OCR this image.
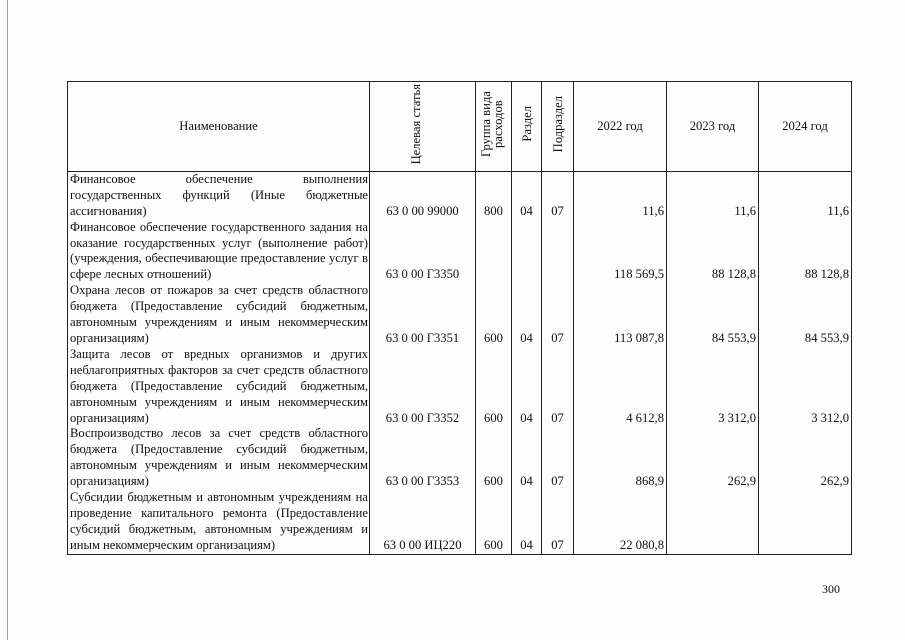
Наименование	Целевая статья	Группа вида расходов	Раздел	Подраздел	2022 год	2023 год	2024 год
Финансовое обеспечение выполнения государственных функций (Иные бюджетные ассигнования)	63 0 00 99000	800	04	07	11,6	11,6	11,6
Финансовое обеспечение государственного задания на оказание государственных услуг (выполнение работ) (учреждения, обеспечивающие предоставление услуг в сфере лесных отношений)	63 0 00 Г3350				118 569,5	88 128,8	88 128,8
Охрана лесов от пожаров за счет средств областного бюджета (Предоставление субсидий бюджетным, автономным учреждениям и иным некоммерческим организациям)	63 0 00 Г3351	600	04	07	113 087,8	84 553,9	84 553,9
Защита лесов от вредных организмов и других неблагоприятных факторов за счет средств областного бюджета (Предоставление субсидий бюджетным, автономным учреждениям и иным некоммерческим организациям)	63 0 00 Г3352	600	04	07	4 612,8	3 312,0	3 312,0
Воспроизводство лесов за счет средств областного бюджета (Предоставление субсидий бюджетным, автономным учреждениям и иным некоммерческим организациям)	63 0 00 Г3353	600	04	07	868,9	262,9	262,9
Субсидии бюджетным и автономным учреждениям на проведение капитального ремонта (Предоставление субсидий бюджетным, автономным учреждениям и иным некоммерческим организациям)	63 0 00 ИЦ220	600	04	07	22 080,8		
300
